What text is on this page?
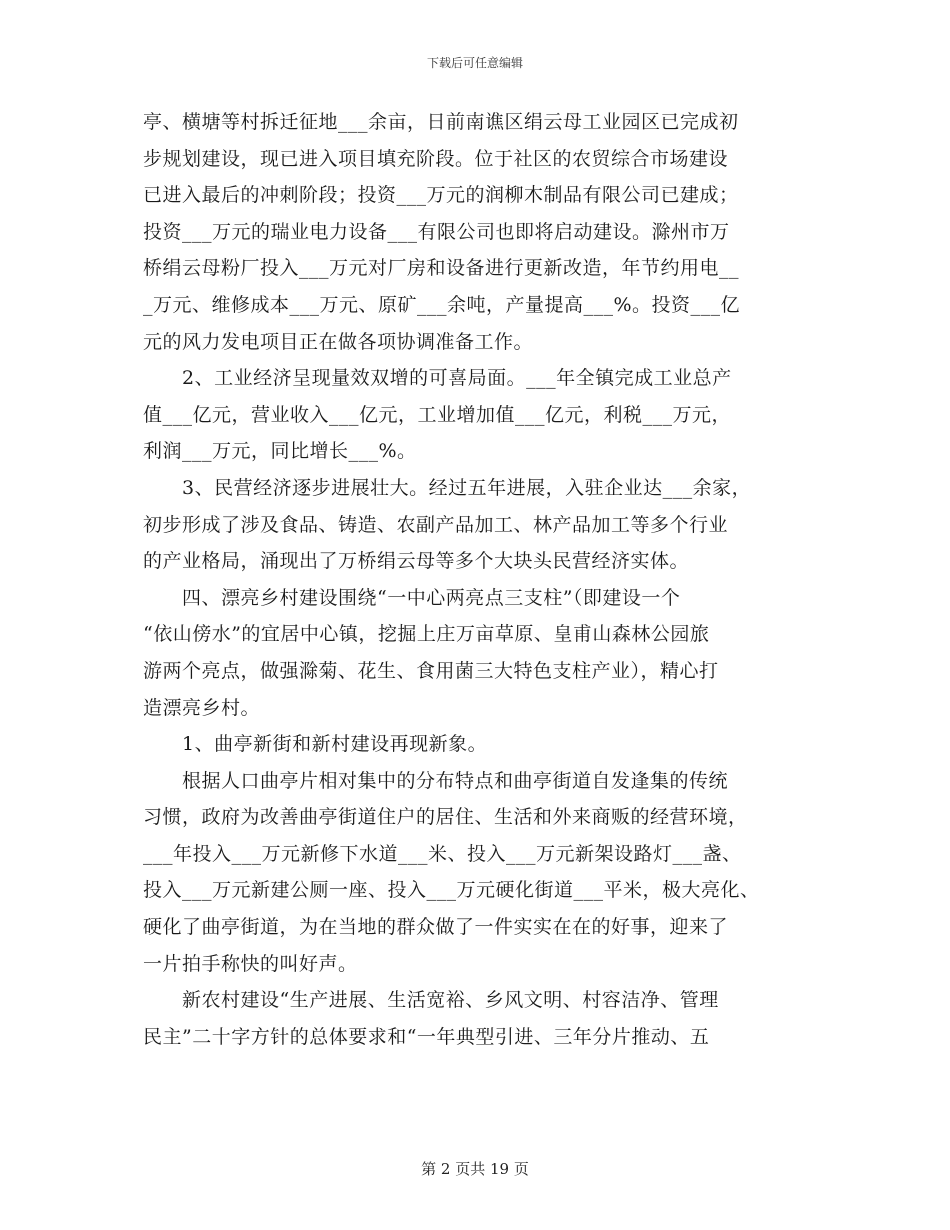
下载后可任意编辑

亭、横塘等村拆迁征地___余亩，日前南谯区绢云母工业园区已完成初
步规划建设，现已进入项目填充阶段。位于社区的农贸综合市场建设
已进入最后的冲刺阶段；投资___万元的润柳木制品有限公司已建成；
投资___万元的瑞业电力设备___有限公司也即将启动建设。滁州市万
桥绢云母粉厂投入___万元对厂房和设备进行更新改造，年节约用电__
_万元、维修成本___万元、原矿___余吨，产量提高___%。投资___亿
元的风力发电项目正在做各项协调准备工作。

　　2、工业经济呈现量效双增的可喜局面。___年全镇完成工业总产
值___亿元，营业收入___亿元，工业增加值___亿元，利税___万元，
利润___万元，同比增长___%。

　　3、民营经济逐步进展壮大。经过五年进展，入驻企业达___余家，
初步形成了涉及食品、铸造、农副产品加工、林产品加工等多个行业
的产业格局，涌现出了万桥绢云母等多个大块头民营经济实体。

　　四、漂亮乡村建设围绕“一中心两亮点三支柱”（即建设一个
“依山傍水”的宜居中心镇，挖掘上庄万亩草原、皇甫山森林公园旅
游两个亮点，做强滁菊、花生、食用菌三大特色支柱产业），精心打
造漂亮乡村。

　　1、曲亭新街和新村建设再现新象。

　　根据人口曲亭片相对集中的分布特点和曲亭街道自发逢集的传统
习惯，政府为改善曲亭街道住户的居住、生活和外来商贩的经营环境，
___年投入___万元新修下水道___米、投入___万元新架设路灯___盏、
投入___万元新建公厕一座、投入___万元硬化街道___平米，极大亮化、
硬化了曲亭街道，为在当地的群众做了一件实实在在的好事，迎来了
一片拍手称快的叫好声。

　　新农村建设“生产进展、生活宽裕、乡风文明、村容洁净、管理
民主”二十字方针的总体要求和“一年典型引进、三年分片推动、五

第 2 页共 19 页
